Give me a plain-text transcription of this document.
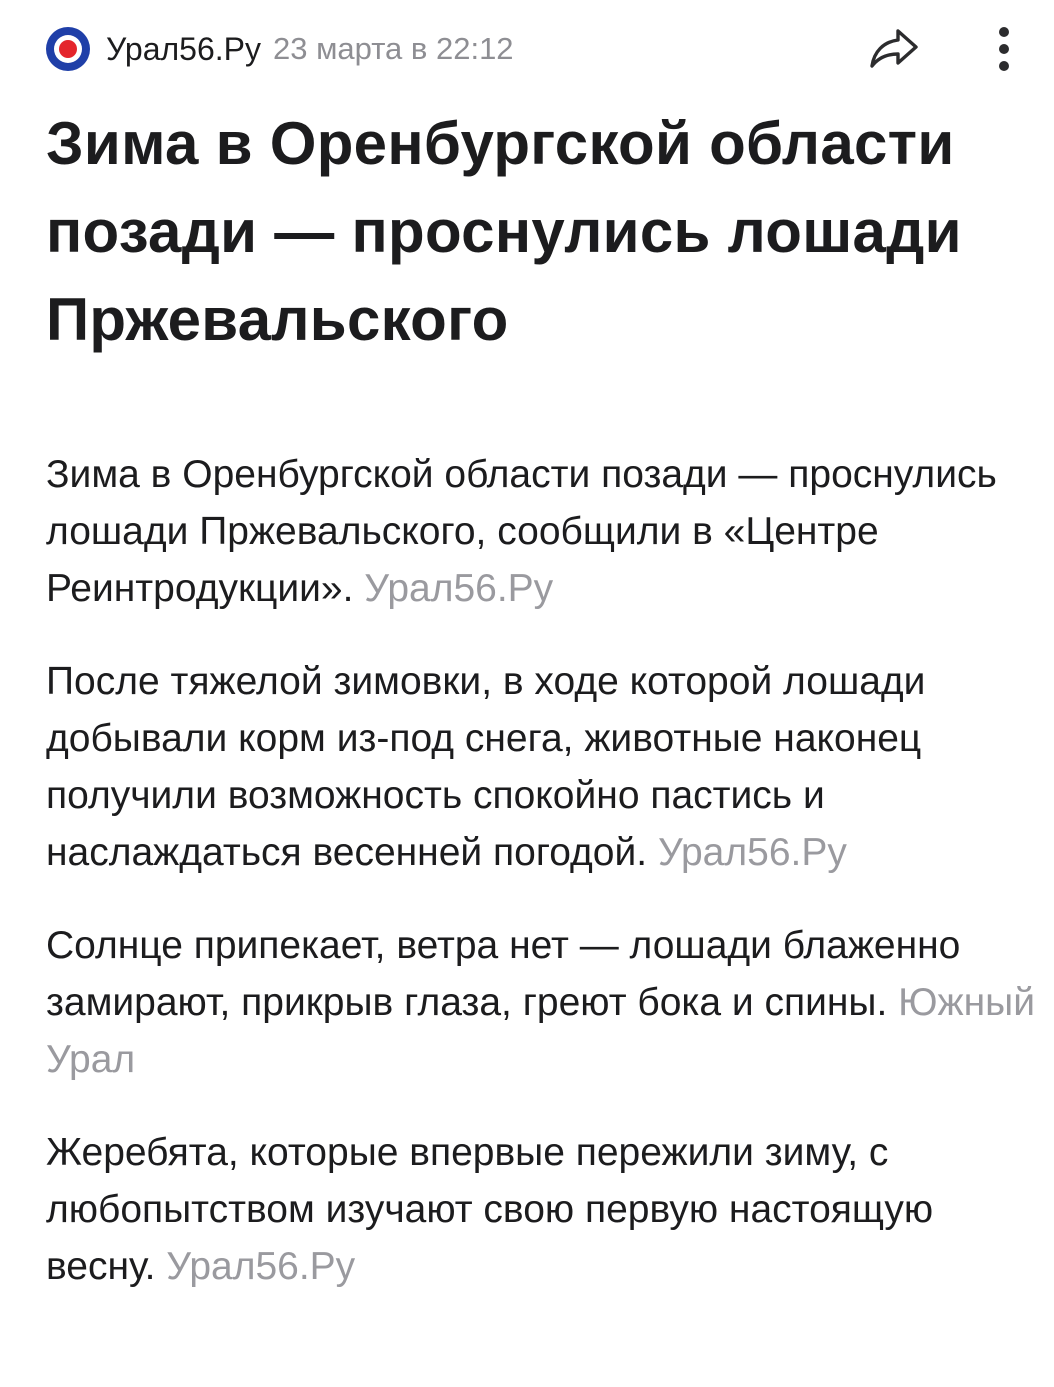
Урал56.Ру 23 марта в 22:12
Зима в Оренбургской области позади — проснулись лошади Пржевальского

Зима в Оренбургской области позади — проснулись лошади Пржевальского, сообщили в «Центре Реинтродукции». Урал56.Ру

После тяжелой зимовки, в ходе которой лошади добывали корм из-под снега, животные наконец получили возможность спокойно пастись и наслаждаться весенней погодой. Урал56.Ру

Солнце припекает, ветра нет — лошади блаженно замирают, прикрыв глаза, греют бока и спины. Южный Урал

Жеребята, которые впервые пережили зиму, с любопытством изучают свою первую настоящую весну. Урал56.Ру
